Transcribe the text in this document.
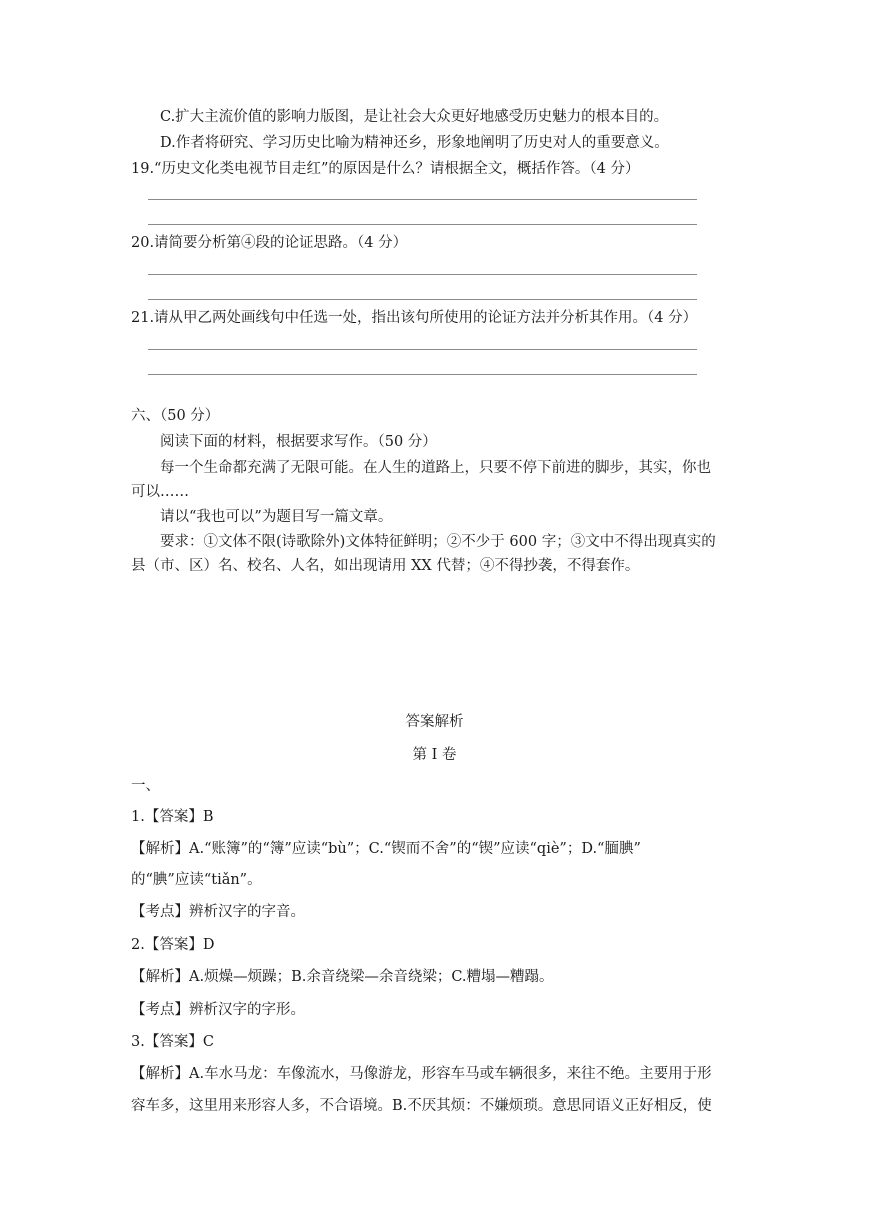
C.扩大主流价值的影响力版图，是让社会大众更好地感受历史魅力的根本目的。
D.作者将研究、学习历史比喻为精神还乡，形象地阐明了历史对人的重要意义。
19.“历史文化类电视节目走红”的原因是什么？请根据全文，概括作答。（4 分）
20.请简要分析第④段的论证思路。（4 分）
21.请从甲乙两处画线句中任选一处，指出该句所使用的论证方法并分析其作用。（4 分）
六、（50 分）
阅读下面的材料，根据要求写作。（50 分）
每一个生命都充满了无限可能。在人生的道路上，只要不停下前进的脚步，其实，你也
可以……
请以“我也可以”为题目写一篇文章。
要求：①文体不限(诗歌除外)文体特征鲜明；②不少于 600 字；③文中不得出现真实的
县（市、区）名、校名、人名，如出现请用 XX 代替；④不得抄袭，不得套作。
答案解析
第 I 卷
一、
1.【答案】B
【解析】A.“账簿”的“簿”应读“bù”；C.“锲而不舍”的“锲”应读“qiè”；D.“腼腆”
的“腆”应读“tiǎn”。
【考点】辨析汉字的字音。
2.【答案】D
【解析】A.烦燥—烦躁；B.余音绕梁—余音绕梁；C.糟塌—糟蹋。
【考点】辨析汉字的字形。
3.【答案】C
【解析】A.车水马龙：车像流水，马像游龙，形容车马或车辆很多，来往不绝。主要用于形
容车多，这里用来形容人多，不合语境。B.不厌其烦：不嫌烦琐。意思同语义正好相反，使
